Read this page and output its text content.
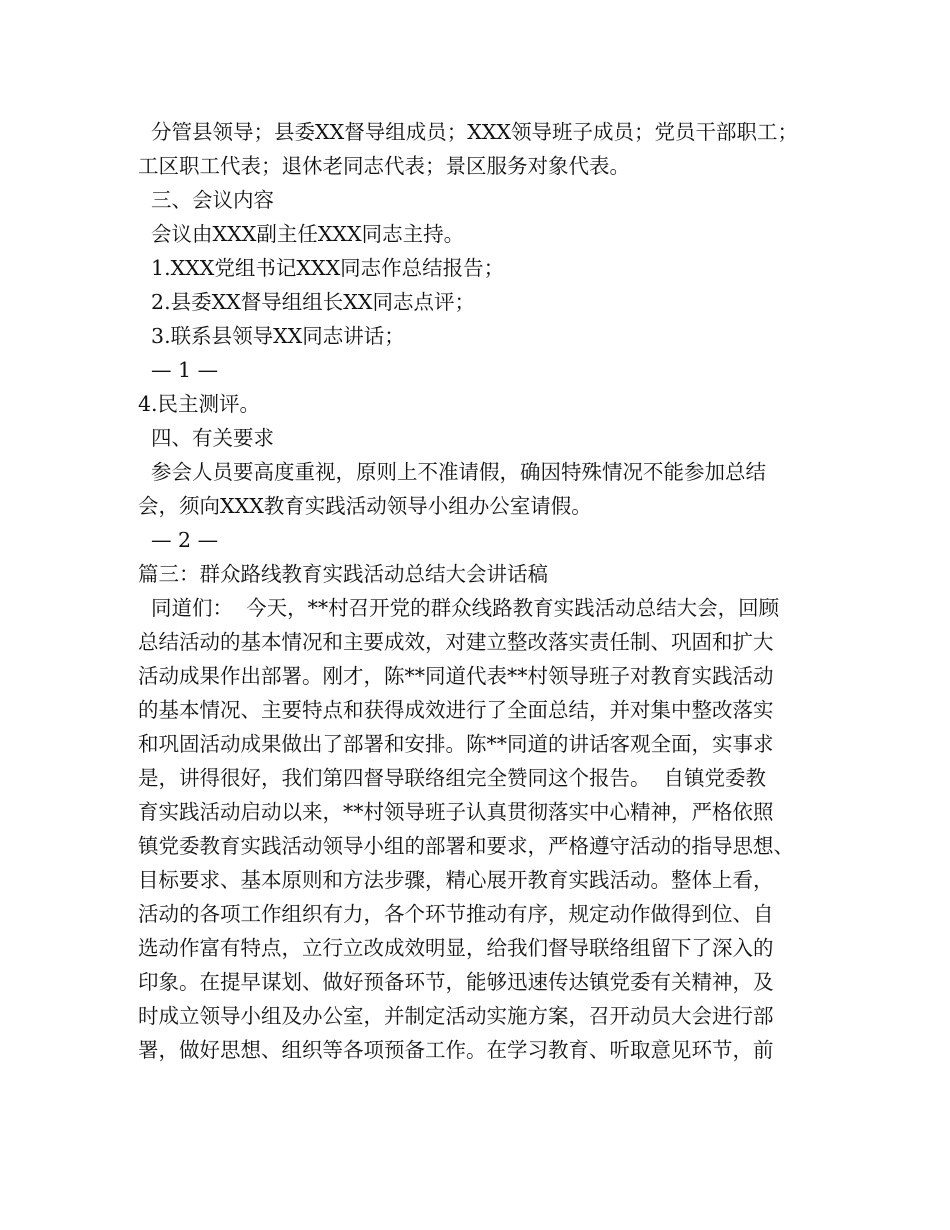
分管县领导；县委XX督导组成员；XXX领导班子成员；党员干部职工；
工区职工代表；退休老同志代表；景区服务对象代表。
三、会议内容
会议由XXX副主任XXX同志主持。
1.XXX党组书记XXX同志作总结报告；
2.县委XX督导组组长XX同志点评；
3.联系县领导XX同志讲话；
— 1 —
4.民主测评。
四、有关要求
参会人员要高度重视，原则上不准请假，确因特殊情况不能参加总结
会，须向XXX教育实践活动领导小组办公室请假。
— 2 —
篇三：群众路线教育实践活动总结大会讲话稿
同道们：  今天，**村召开党的群众线路教育实践活动总结大会，回顾
总结活动的基本情况和主要成效，对建立整改落实责任制、巩固和扩大
活动成果作出部署。刚才，陈**同道代表**村领导班子对教育实践活动
的基本情况、主要特点和获得成效进行了全面总结，并对集中整改落实
和巩固活动成果做出了部署和安排。陈**同道的讲话客观全面，实事求
是，讲得很好，我们第四督导联络组完全赞同这个报告。  自镇党委教
育实践活动启动以来，**村领导班子认真贯彻落实中心精神，严格依照
镇党委教育实践活动领导小组的部署和要求，严格遵守活动的指导思想、
目标要求、基本原则和方法步骤，精心展开教育实践活动。整体上看，
活动的各项工作组织有力，各个环节推动有序，规定动作做得到位、自
选动作富有特点，立行立改成效明显，给我们督导联络组留下了深入的
印象。在提早谋划、做好预备环节，能够迅速传达镇党委有关精神，及
时成立领导小组及办公室，并制定活动实施方案，召开动员大会进行部
署，做好思想、组织等各项预备工作。在学习教育、听取意见环节，前
